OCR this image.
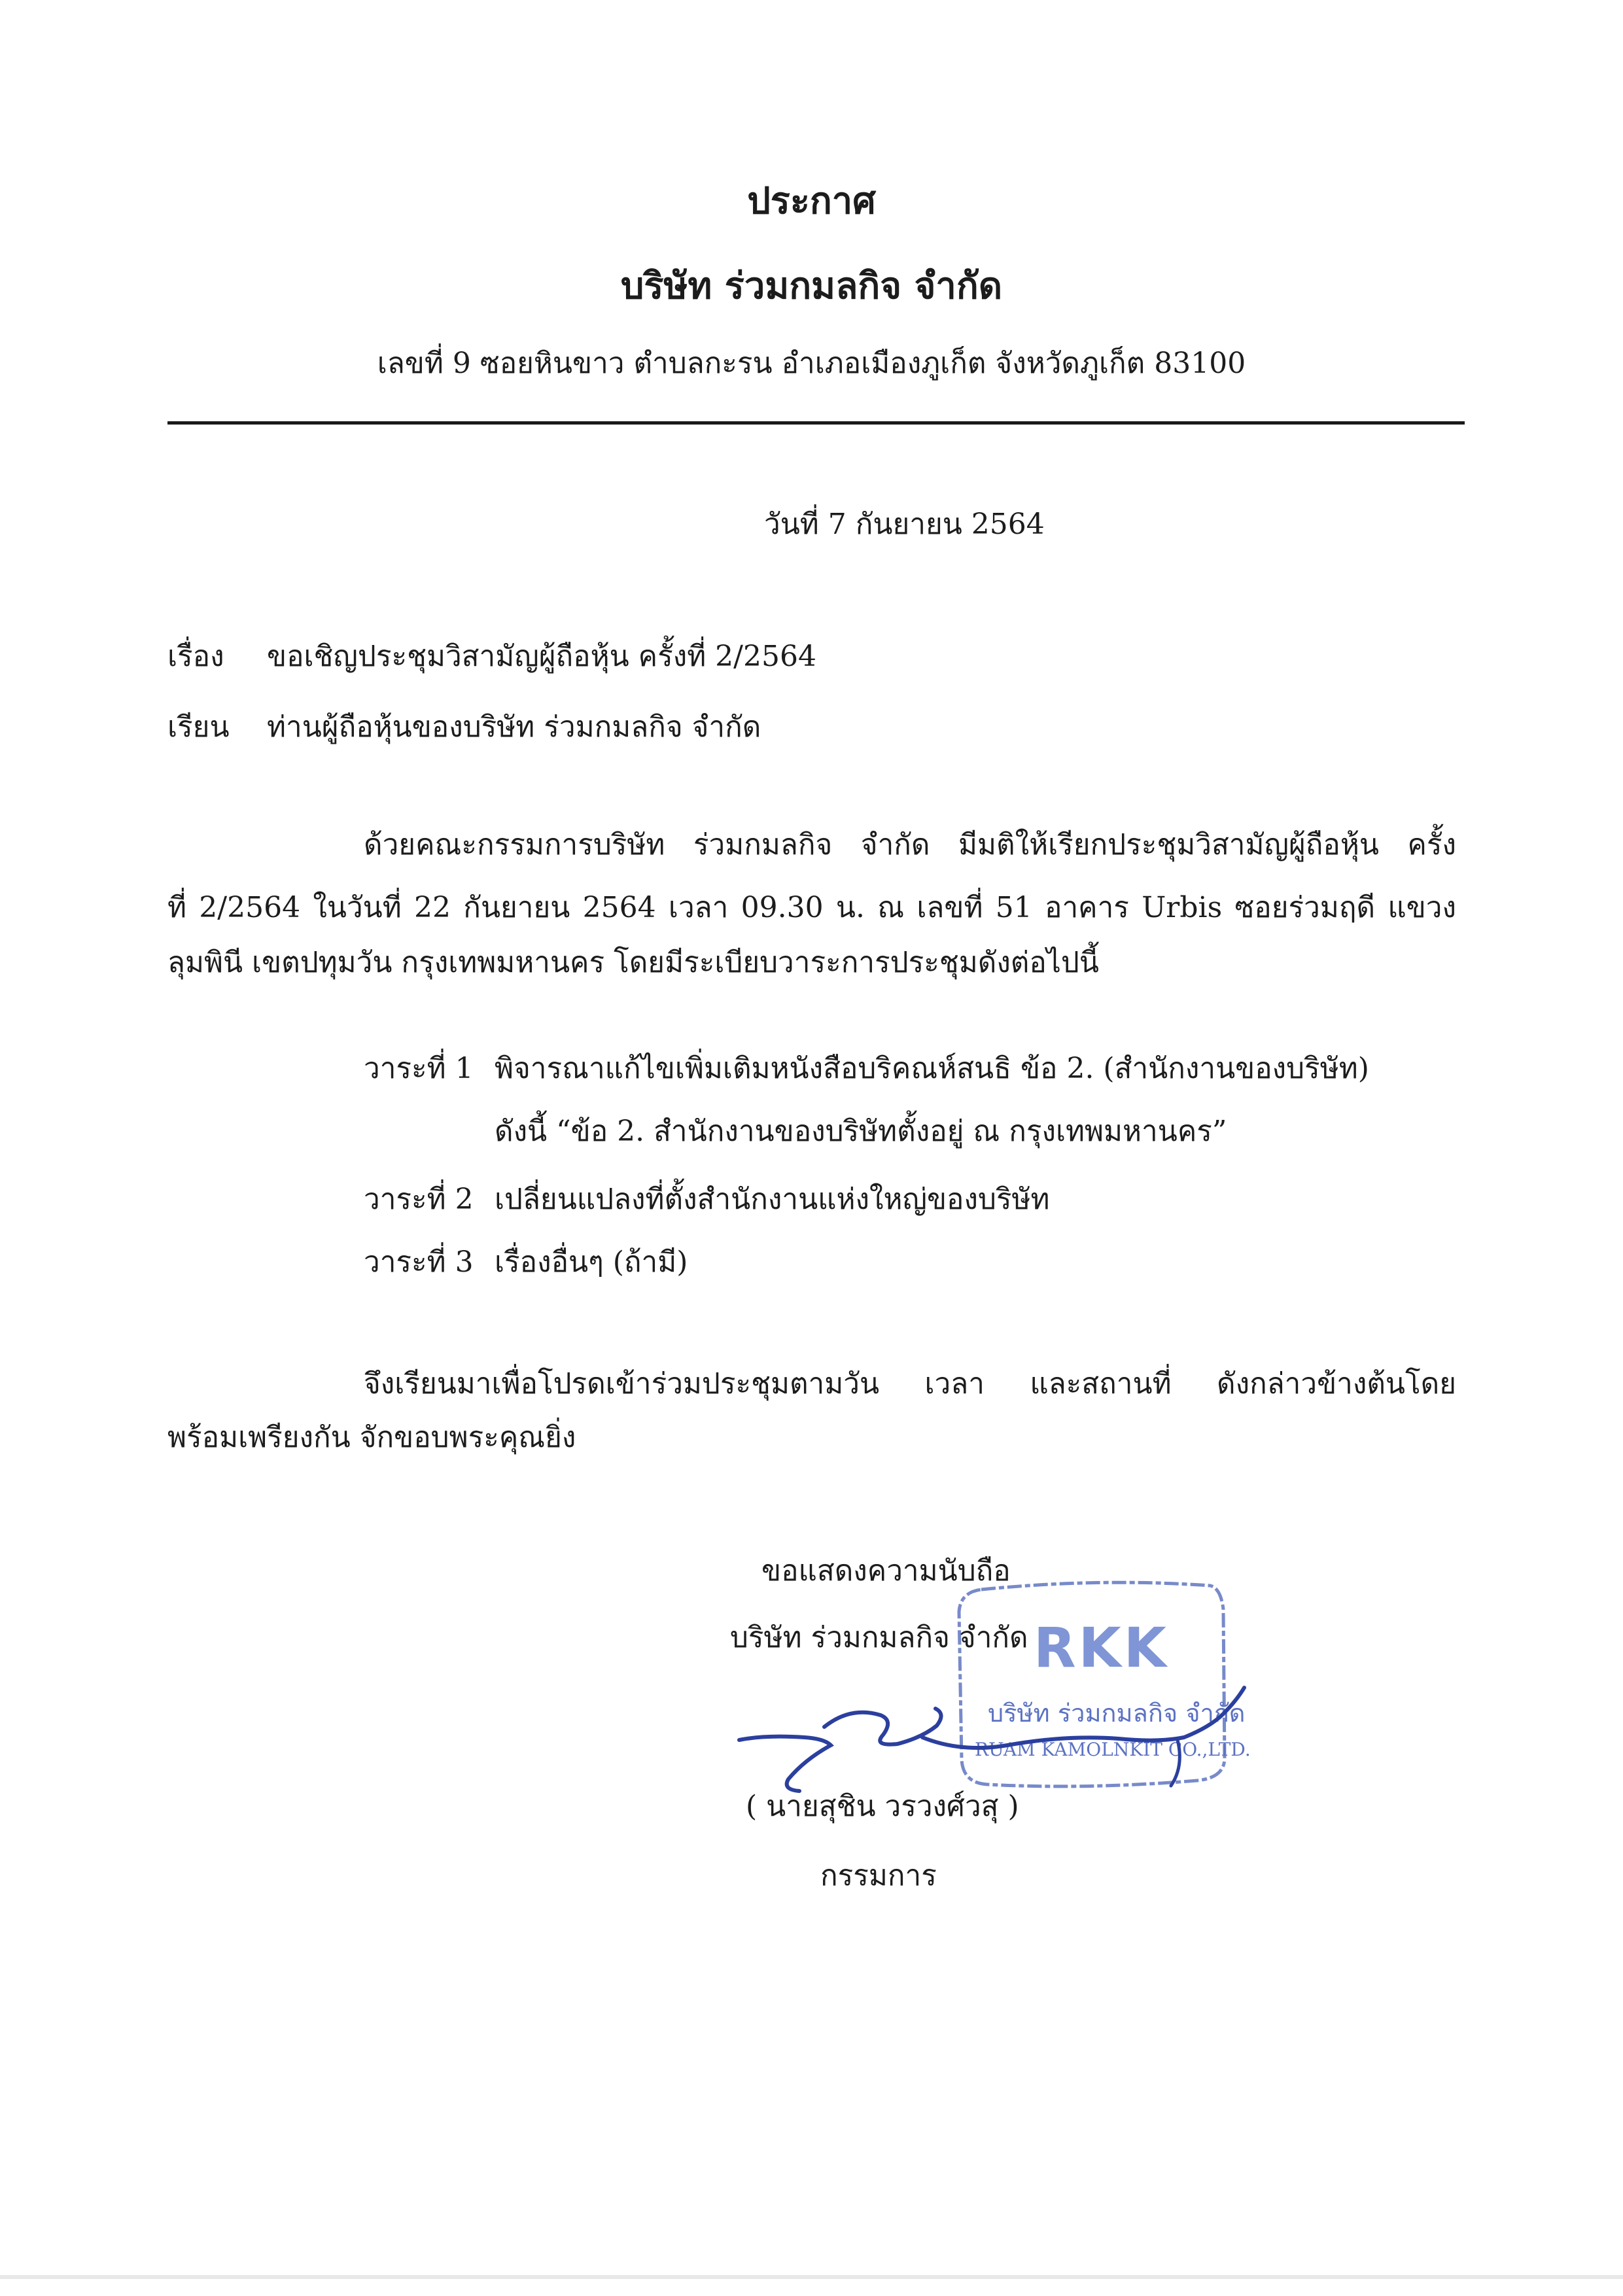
ประกาศ
บริษัท ร่วมกมลกิจ จำกัด
เลขที่ 9 ซอยหินขาว ตำบลกะรน อำเภอเมืองภูเก็ต จังหวัดภูเก็ต 83100
วันที่ 7 กันยายน 2564
เรื่อง ขอเชิญประชุมวิสามัญผู้ถือหุ้น ครั้งที่ 2/2564
เรียน ท่านผู้ถือหุ้นของบริษัท ร่วมกมลกิจ จำกัด
ด้วยคณะกรรมการบริษัท ร่วมกมลกิจ จำกัด มีมติให้เรียกประชุมวิสามัญผู้ถือหุ้น ครั้ง
ที่ 2/2564 ในวันที่ 22 กันยายน 2564 เวลา 09.30 น. ณ เลขที่ 51 อาคาร Urbis ซอยร่วมฤดี แขวง
ลุมพินี เขตปทุมวัน กรุงเทพมหานคร โดยมีระเบียบวาระการประชุมดังต่อไปนี้
วาระที่ 1 พิจารณาแก้ไขเพิ่มเติมหนังสือบริคณห์สนธิ ข้อ 2. (สำนักงานของบริษัท)
ดังนี้ “ข้อ 2. สำนักงานของบริษัทตั้งอยู่ ณ กรุงเทพมหานคร”
วาระที่ 2 เปลี่ยนแปลงที่ตั้งสำนักงานแห่งใหญ่ของบริษัท
วาระที่ 3 เรื่องอื่นๆ (ถ้ามี)
จึงเรียนมาเพื่อโปรดเข้าร่วมประชุมตามวัน เวลา และสถานที่ ดังกล่าวข้างต้นโดย
พร้อมเพรียงกัน จักขอบพระคุณยิ่ง
ขอแสดงความนับถือ
บริษัท ร่วมกมลกิจ จำกัด RKK
บริษัท ร่วมกมลกิจ จำกัด
RUAM KAMOLNKIT CO.,LTD.
( นายสุชิน วรวงศ์วสุ )
กรรมการ
